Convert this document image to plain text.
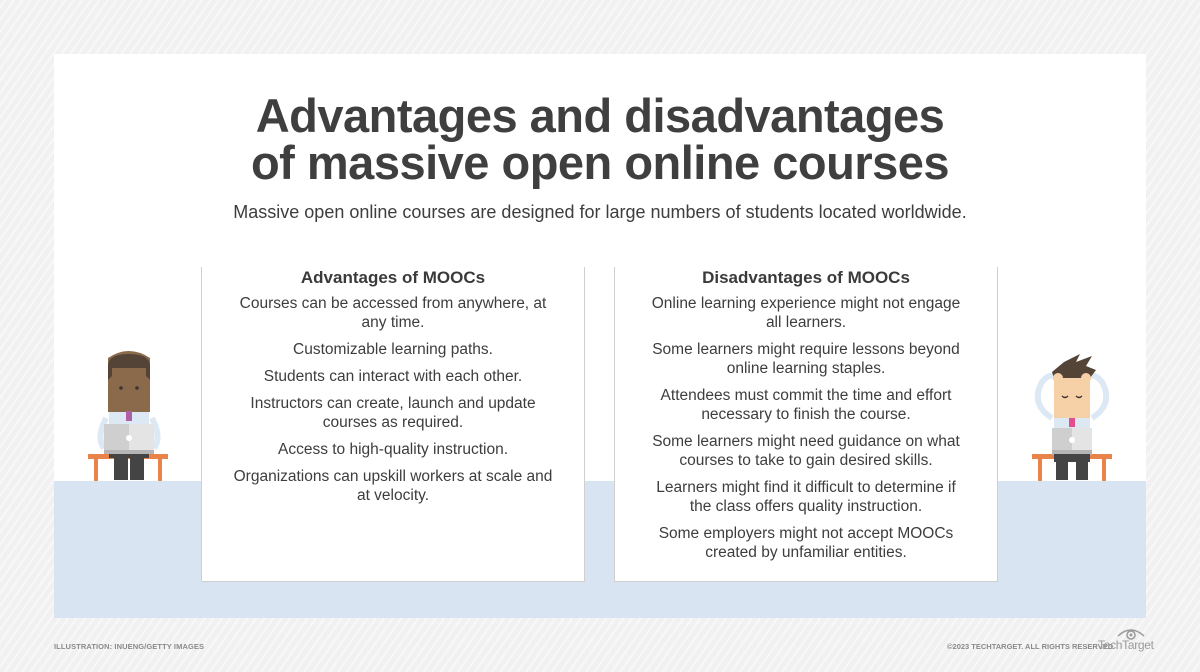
Advantages and disadvantages
of massive open online courses
Massive open online courses are designed for large numbers of students located worldwide.
Advantages of MOOCs
Courses can be accessed from anywhere, at any time.
Customizable learning paths.
Students can interact with each other.
Instructors can create, launch and update courses as required.
Access to high-quality instruction.
Organizations can upskill workers at scale and at velocity.
Disadvantages of MOOCs
Online learning experience might not engage all learners.
Some learners might require lessons beyond online learning staples.
Attendees must commit the time and effort necessary to finish the course.
Some learners might need guidance on what courses to take to gain desired skills.
Learners might find it difficult to determine if the class offers quality instruction.
Some employers might not accept MOOCs created by unfamiliar entities.
ILLUSTRATION: INUENG/GETTY IMAGES	©2023 TECHTARGET. ALL RIGHTS RESERVED
TechTarget
